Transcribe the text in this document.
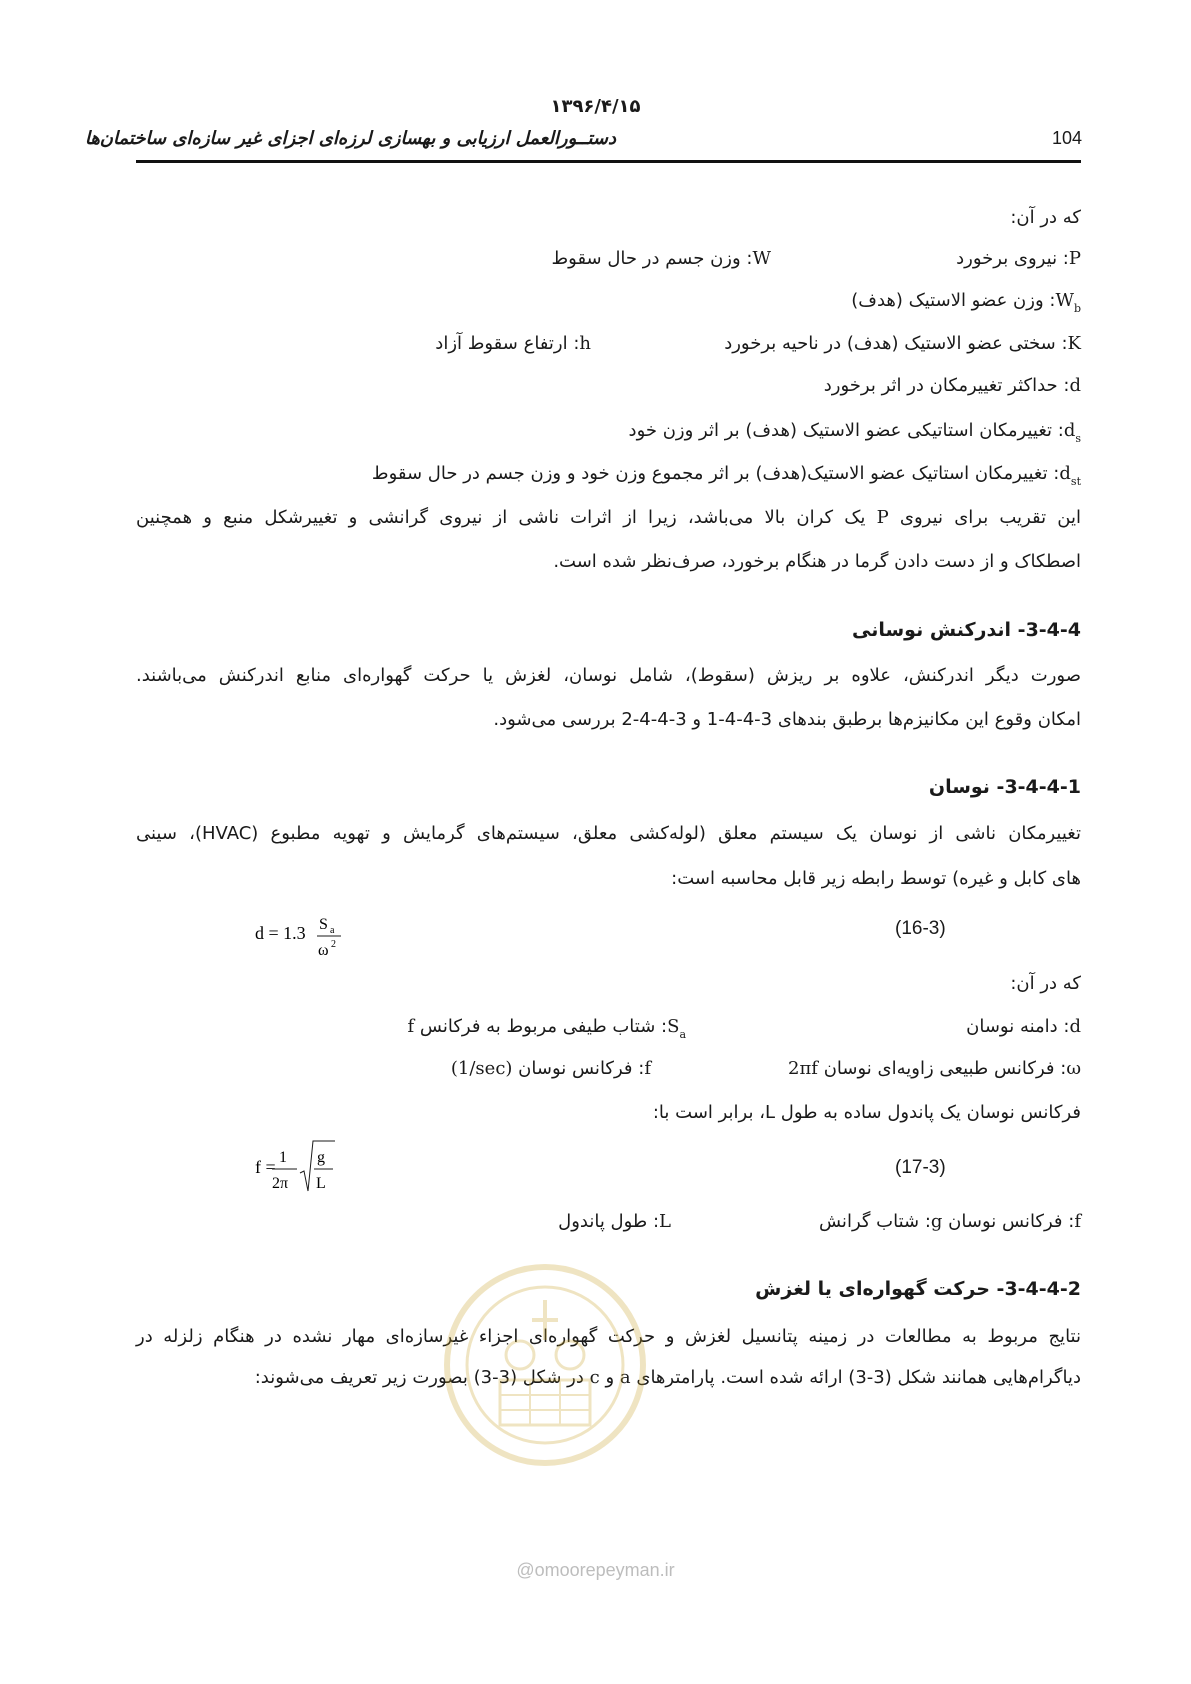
۱۳۹۶/۴/۱۵
دستــورالعمل ارزیابی و بهسازی لرزه‌ای اجزای غیر سازه‌ای ساختمان‌ها	104
که در آن:
P: نیروی برخورد
W: وزن جسم در حال سقوط
$W_b$: وزن عضو الاستیک (هدف)
K: سختی عضو الاستیک (هدف) در ناحیه برخورد
h: ارتفاع سقوط آزاد
d: حداکثر تغییرمکان در اثر برخورد
$d_s$: تغییرمکان استاتیکی عضو الاستیک (هدف) بر اثر وزن خود
$d_{st}$: تغییرمکان استاتیک عضو الاستیک(هدف) بر اثر مجموع وزن خود و وزن جسم در حال سقوط
این تقریب برای نیروی P یک کران بالا می‌باشد، زیرا از اثرات ناشی از نیروی گرانشی و تغییرشکل منبع و همچنین
اصطکاک و از دست دادن گرما در هنگام برخورد، صرف‌نظر شده است.
3-4-4- اندرکنش نوسانی
صورت دیگر اندرکنش، علاوه بر ریزش (سقوط)، شامل نوسان، لغزش یا حرکت گهواره‌ای منابع اندرکنش می‌باشند.
امکان وقوع این مکانیزم‌ها برطبق بندهای 3-4-4-1 و 3-4-4-2 بررسی می‌شود.
3-4-4-1- نوسان
تغییرمکان ناشی از نوسان یک سیستم معلق (لوله‌کشی معلق، سیستم‌های گرمایش و تهویه مطبوع (HVAC)، سینی
های کابل و غیره) توسط رابطه زیر قابل محاسبه است:
d = 1.3 S a
ω 2
(16-3)
که در آن:
d: دامنه نوسان
$S_a$: شتاب طیفی مربوط به فرکانس f
ω: فرکانس طبیعی زاویه‌ای نوسان 2πf
f: فرکانس نوسان (1/sec)
فرکانس نوسان یک پاندول ساده به طول L، برابر است با:
f = 1
2π
g
L
(17-3)
f: فرکانس نوسان g: شتاب گرانش
L: طول پاندول
3-4-4-2- حرکت گهواره‌ای یا لغزش
نتایج مربوط به مطالعات در زمینه پتانسیل لغزش و حرکت گهواره‌ای اجزاء غیرسازه‌ای مهار نشده در هنگام زلزله در
دیاگرام‌هایی همانند شکل (3-3) ارائه شده است. پارامترهای a و c در شکل (3-3) بصورت زیر تعریف می‌شوند:
@omoorepeyman.ir
